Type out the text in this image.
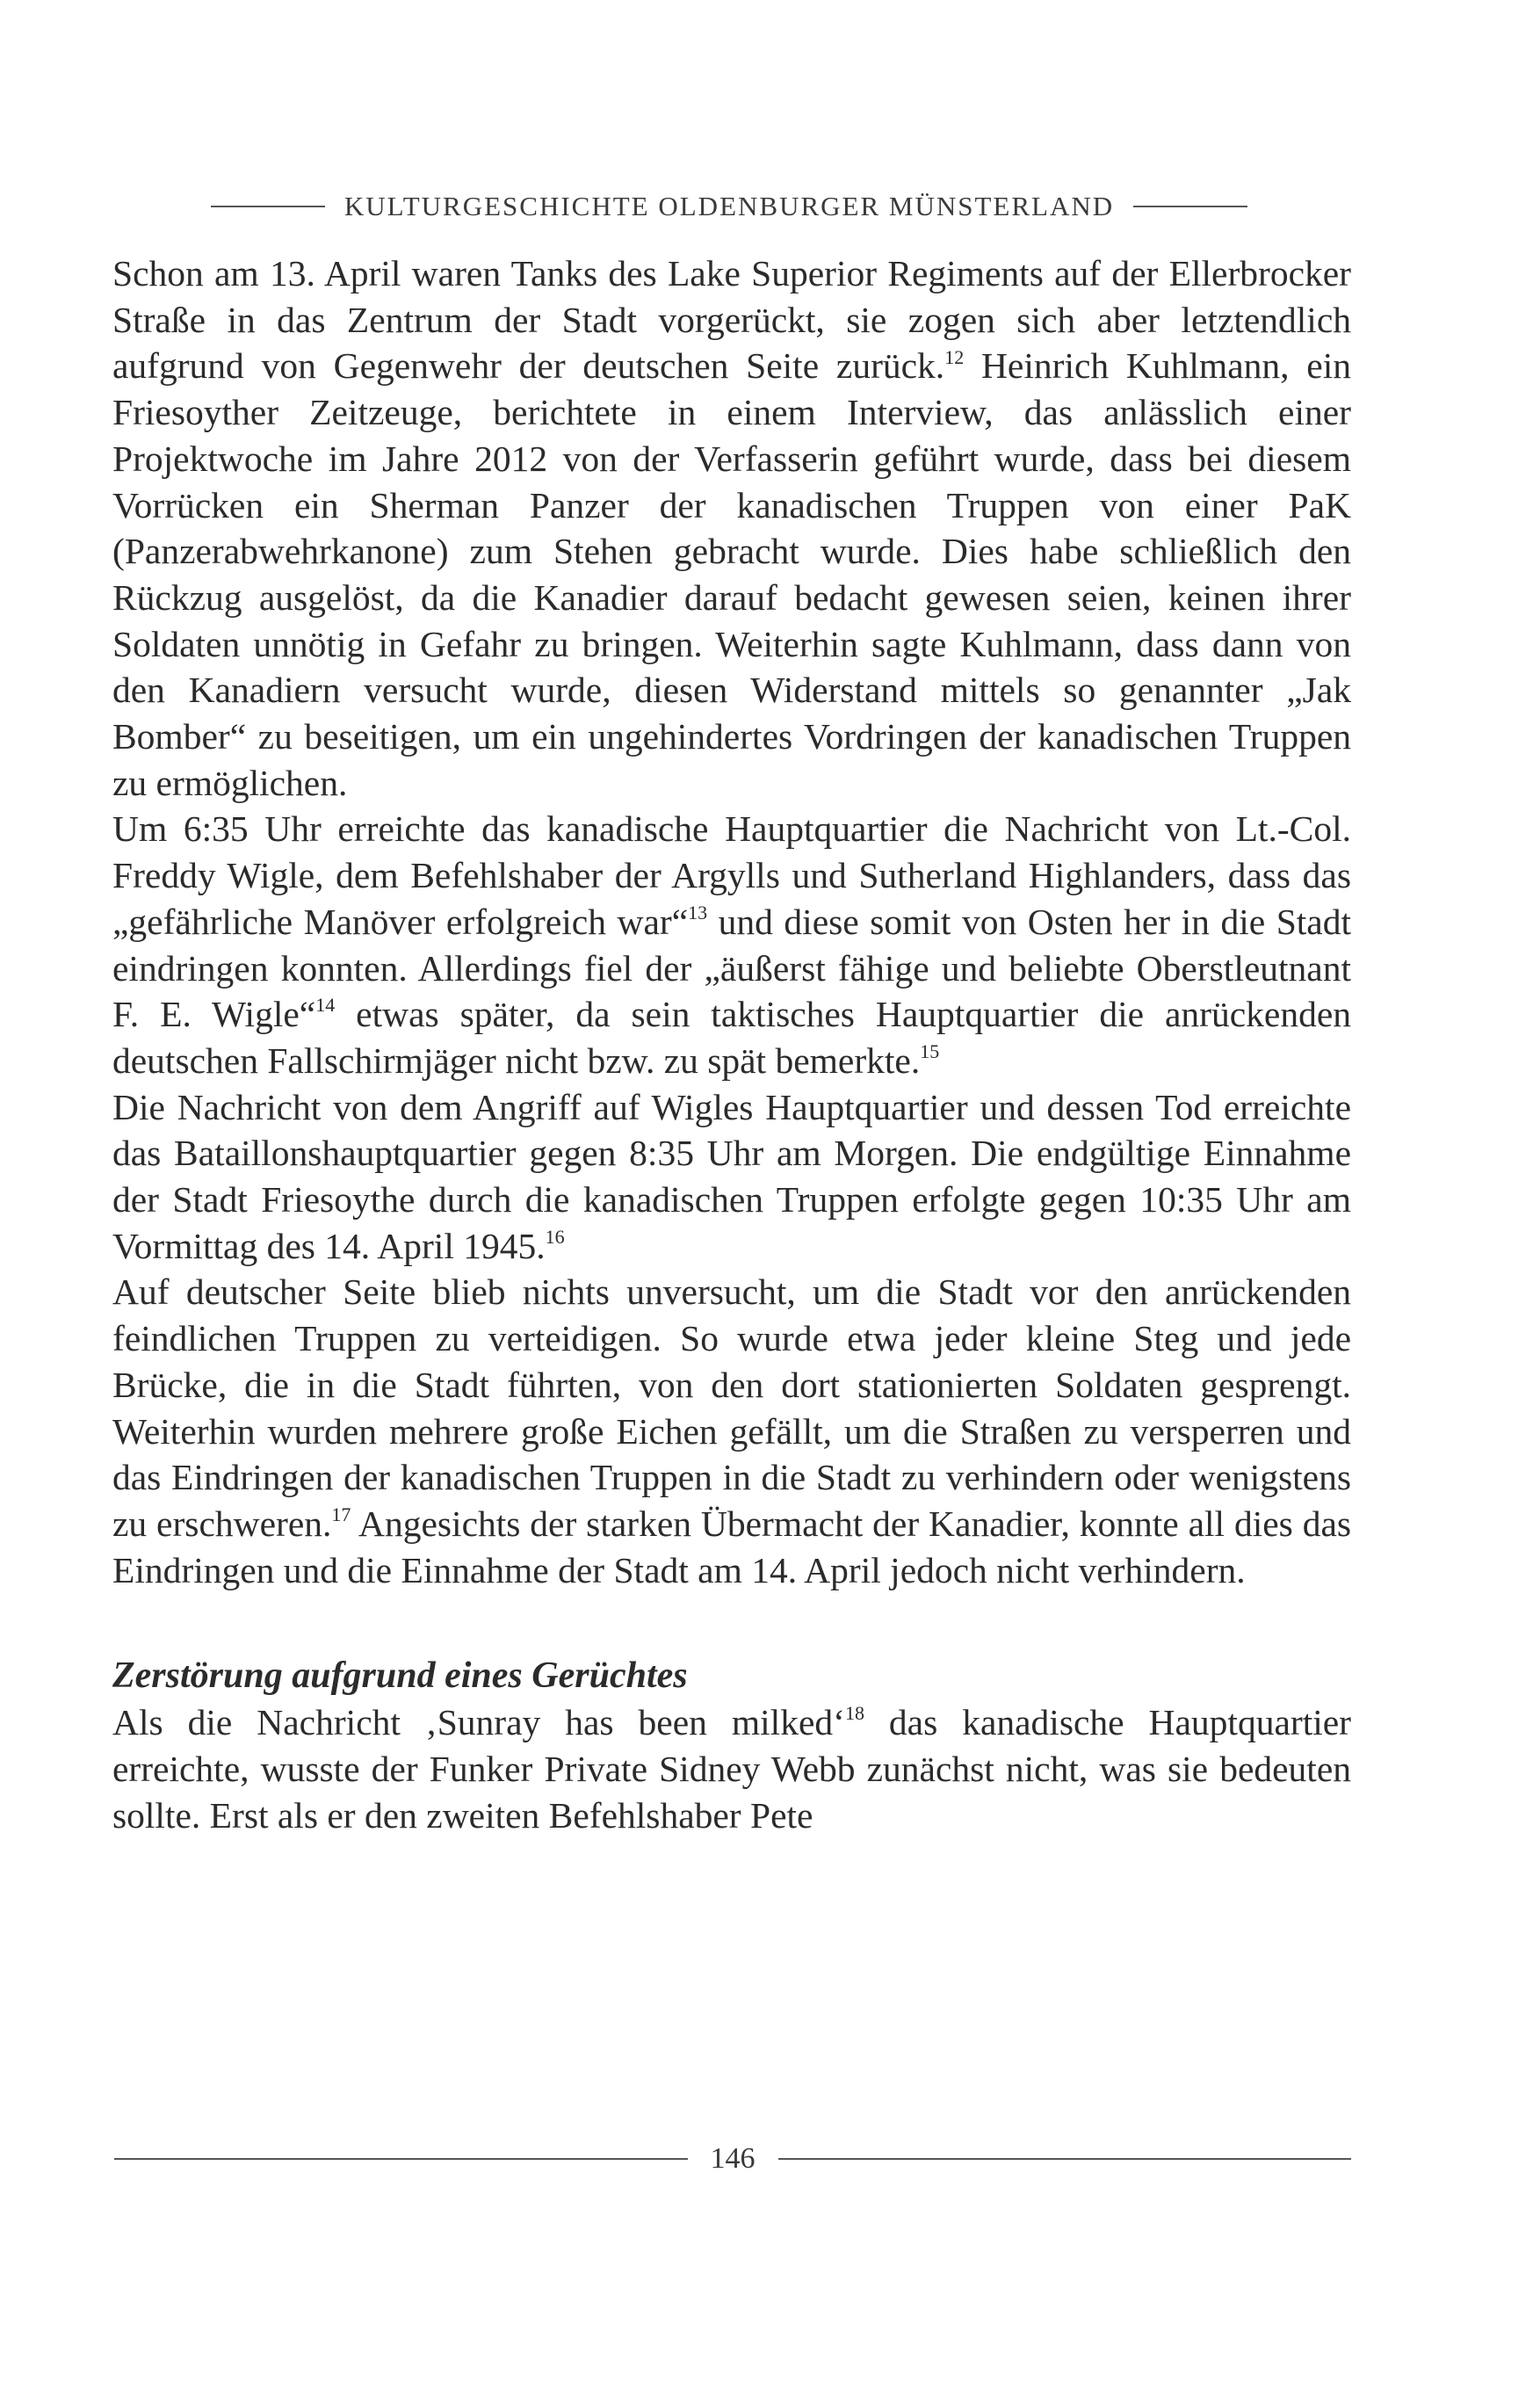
KULTURGESCHICHTE OLDENBURGER MÜNSTERLAND

Schon am 13. April waren Tanks des Lake Superior Regiments auf der Ellerbrocker Straße in das Zentrum der Stadt vorgerückt, sie zogen sich aber letztendlich aufgrund von Gegenwehr der deutschen Seite zurück.$^{12}$ Heinrich Kuhlmann, ein Friesoyther Zeitzeuge, berichtete in einem Interview, das anlässlich einer Projektwoche im Jahre 2012 von der Verfasserin geführt wurde, dass bei diesem Vorrücken ein Sherman Panzer der kanadischen Truppen von einer PaK (Panzerabwehrkanone) zum Stehen gebracht wurde. Dies habe schließlich den Rückzug ausgelöst, da die Kanadier darauf bedacht gewesen seien, keinen ihrer Soldaten unnötig in Gefahr zu bringen. Weiterhin sagte Kuhlmann, dass dann von den Kanadiern versucht wurde, diesen Widerstand mittels so genannter „Jak Bomber“ zu beseitigen, um ein ungehindertes Vordringen der kanadischen Truppen zu ermöglichen.

Um 6:35 Uhr erreichte das kanadische Hauptquartier die Nachricht von Lt.-Col. Freddy Wigle, dem Befehlshaber der Argylls und Sutherland Highlanders, dass das „gefährliche Manöver erfolgreich war“$^{13}$ und diese somit von Osten her in die Stadt eindringen konnten. Allerdings fiel der „äußerst fähige und beliebte Oberstleutnant F. E. Wigle“$^{14}$ etwas später, da sein taktisches Hauptquartier die anrückenden deutschen Fallschirmjäger nicht bzw. zu spät bemerkte.$^{15}$

Die Nachricht von dem Angriff auf Wigles Hauptquartier und dessen Tod erreichte das Bataillonshauptquartier gegen 8:35 Uhr am Morgen. Die endgültige Einnahme der Stadt Friesoythe durch die kanadischen Truppen erfolgte gegen 10:35 Uhr am Vormittag des 14. April 1945.16

Auf deutscher Seite blieb nichts unversucht, um die Stadt vor den anrückenden feindlichen Truppen zu verteidigen. So wurde etwa jeder kleine Steg und jede Brücke, die in die Stadt führten, von den dort stationierten Soldaten gesprengt. Weiterhin wurden mehrere große Eichen gefällt, um die Straßen zu versperren und das Eindringen der kanadischen Truppen in die Stadt zu verhindern oder wenigstens zu erschweren.$^{17}$ Angesichts der starken Übermacht der Kanadier, konnte all dies das Eindringen und die Einnahme der Stadt am 14. April jedoch nicht verhindern.

Zerstörung aufgrund eines Gerüchtes

Als die Nachricht ‚Sunray has been milked‘$^{18}$ das kanadische Hauptquartier erreichte, wusste der Funker Private Sidney Webb zunächst nicht, was sie bedeuten sollte. Erst als er den zweiten Befehlshaber Pete

146
